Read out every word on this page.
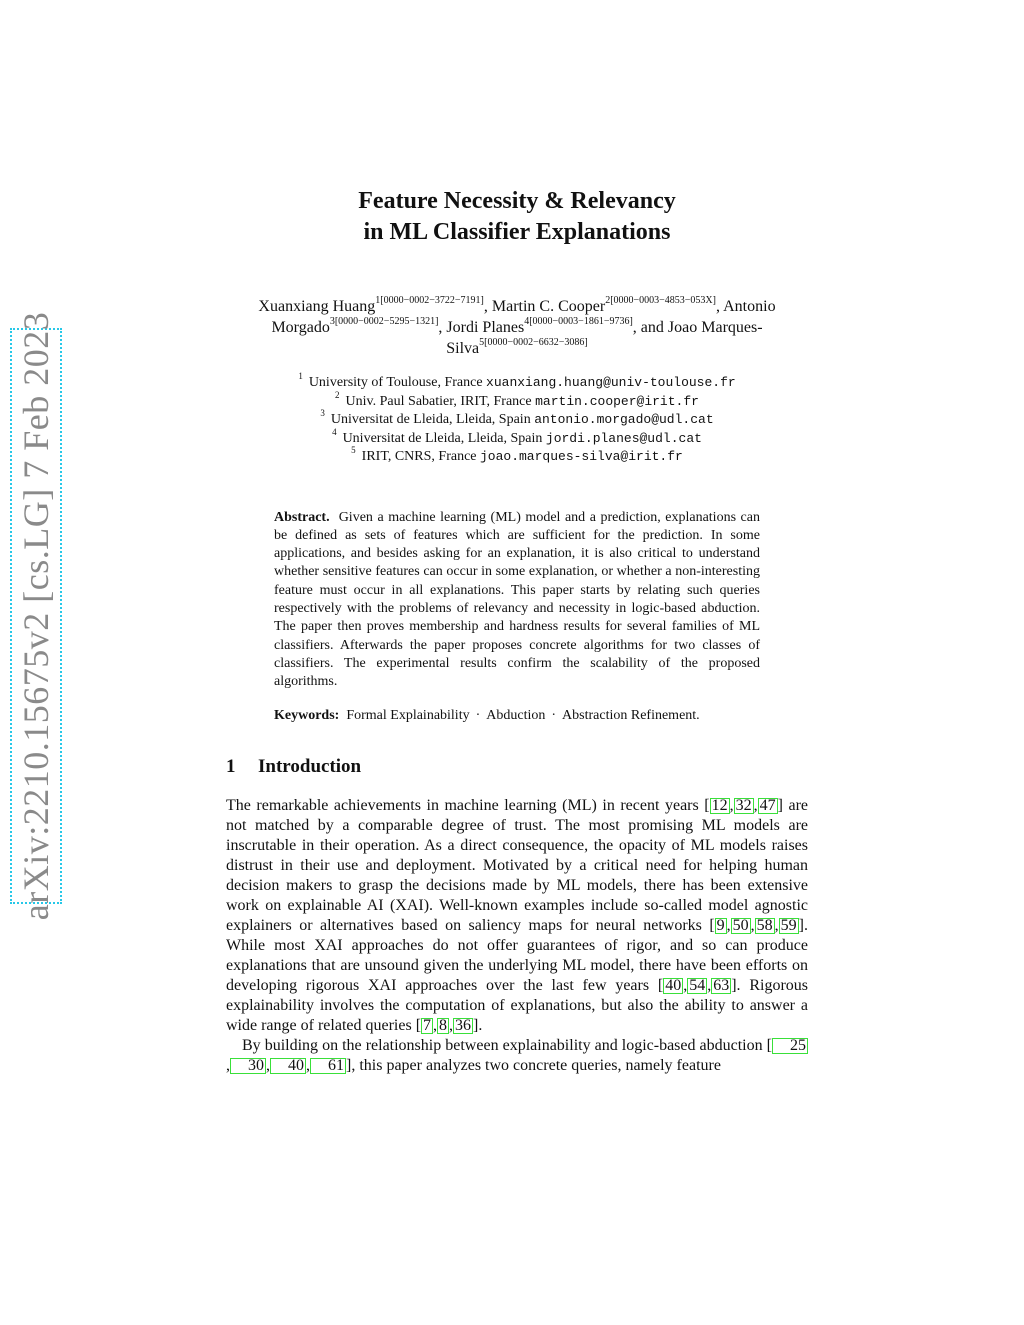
arXiv:2210.15675v2 [cs.LG] 7 Feb 2023
Feature Necessity & Relevancy
in ML Classifier Explanations
Xuanxiang Huang$^{1[0000-0002-3722-7191]}$, Martin C. Cooper$^{2[0000-0003-4853-053X]}$, Antonio Morgado$^{3[0000-0002-5295-1321]}$, Jordi Planes$^{4[0000-0003-1861-9736]}$, and Joao Marques-Silva$^{5[0000-0002-6632-3086]}$
$^1$ University of Toulouse, France xuanxiang.huang@univ-toulouse.fr
$^2$ Univ. Paul Sabatier, IRIT, France martin.cooper@irit.fr
$^3$ Universitat de Lleida, Lleida, Spain antonio.morgado@udl.cat
$^4$ Universitat de Lleida, Lleida, Spain jordi.planes@udl.cat
$^5$ IRIT, CNRS, France joao.marques-silva@irit.fr
Abstract. Given a machine learning (ML) model and a prediction, explanations can be defined as sets of features which are sufficient for the prediction. In some applications, and besides asking for an explanation, it is also critical to understand whether sensitive features can occur in some explanation, or whether a non-interesting feature must occur in all explanations. This paper starts by relating such queries respectively with the problems of relevancy and necessity in logic-based abduction. The paper then proves membership and hardness results for several families of ML classifiers. Afterwards the paper proposes concrete algorithms for two classes of classifiers. The experimental results confirm the scalability of the proposed algorithms.
Keywords: Formal Explainability · Abduction · Abstraction Refinement.
1 Introduction

The remarkable achievements in machine learning (ML) in recent years [ 12 , 32 , 47 ] are not matched by a comparable degree of trust. The most promising ML models are inscrutable in their operation. As a direct consequence, the opacity of ML models raises distrust in their use and deployment. Motivated by a critical need for helping human decision makers to grasp the decisions made by ML models, there has been extensive work on explainable AI (XAI). Well-known examples include so-called model agnostic explainers or alternatives based on saliency maps for neural networks [ 9 , 50 , 58 , 59 ]. While most XAI approaches do not offer guarantees of rigor, and so can produce explanations that are unsound given the underlying ML model, there have been efforts on developing rigorous XAI approaches over the last few years [ 40 , 54 , 63 ]. Rigorous explainability involves the computation of explanations, but also the ability to answer a wide range of related queries [ 7 , 8 , 36 ].

By building on the relationship between explainability and logic-based abduction [ 25, 30 , 40 , 61 ], this paper analyzes two concrete queries, namely feature
